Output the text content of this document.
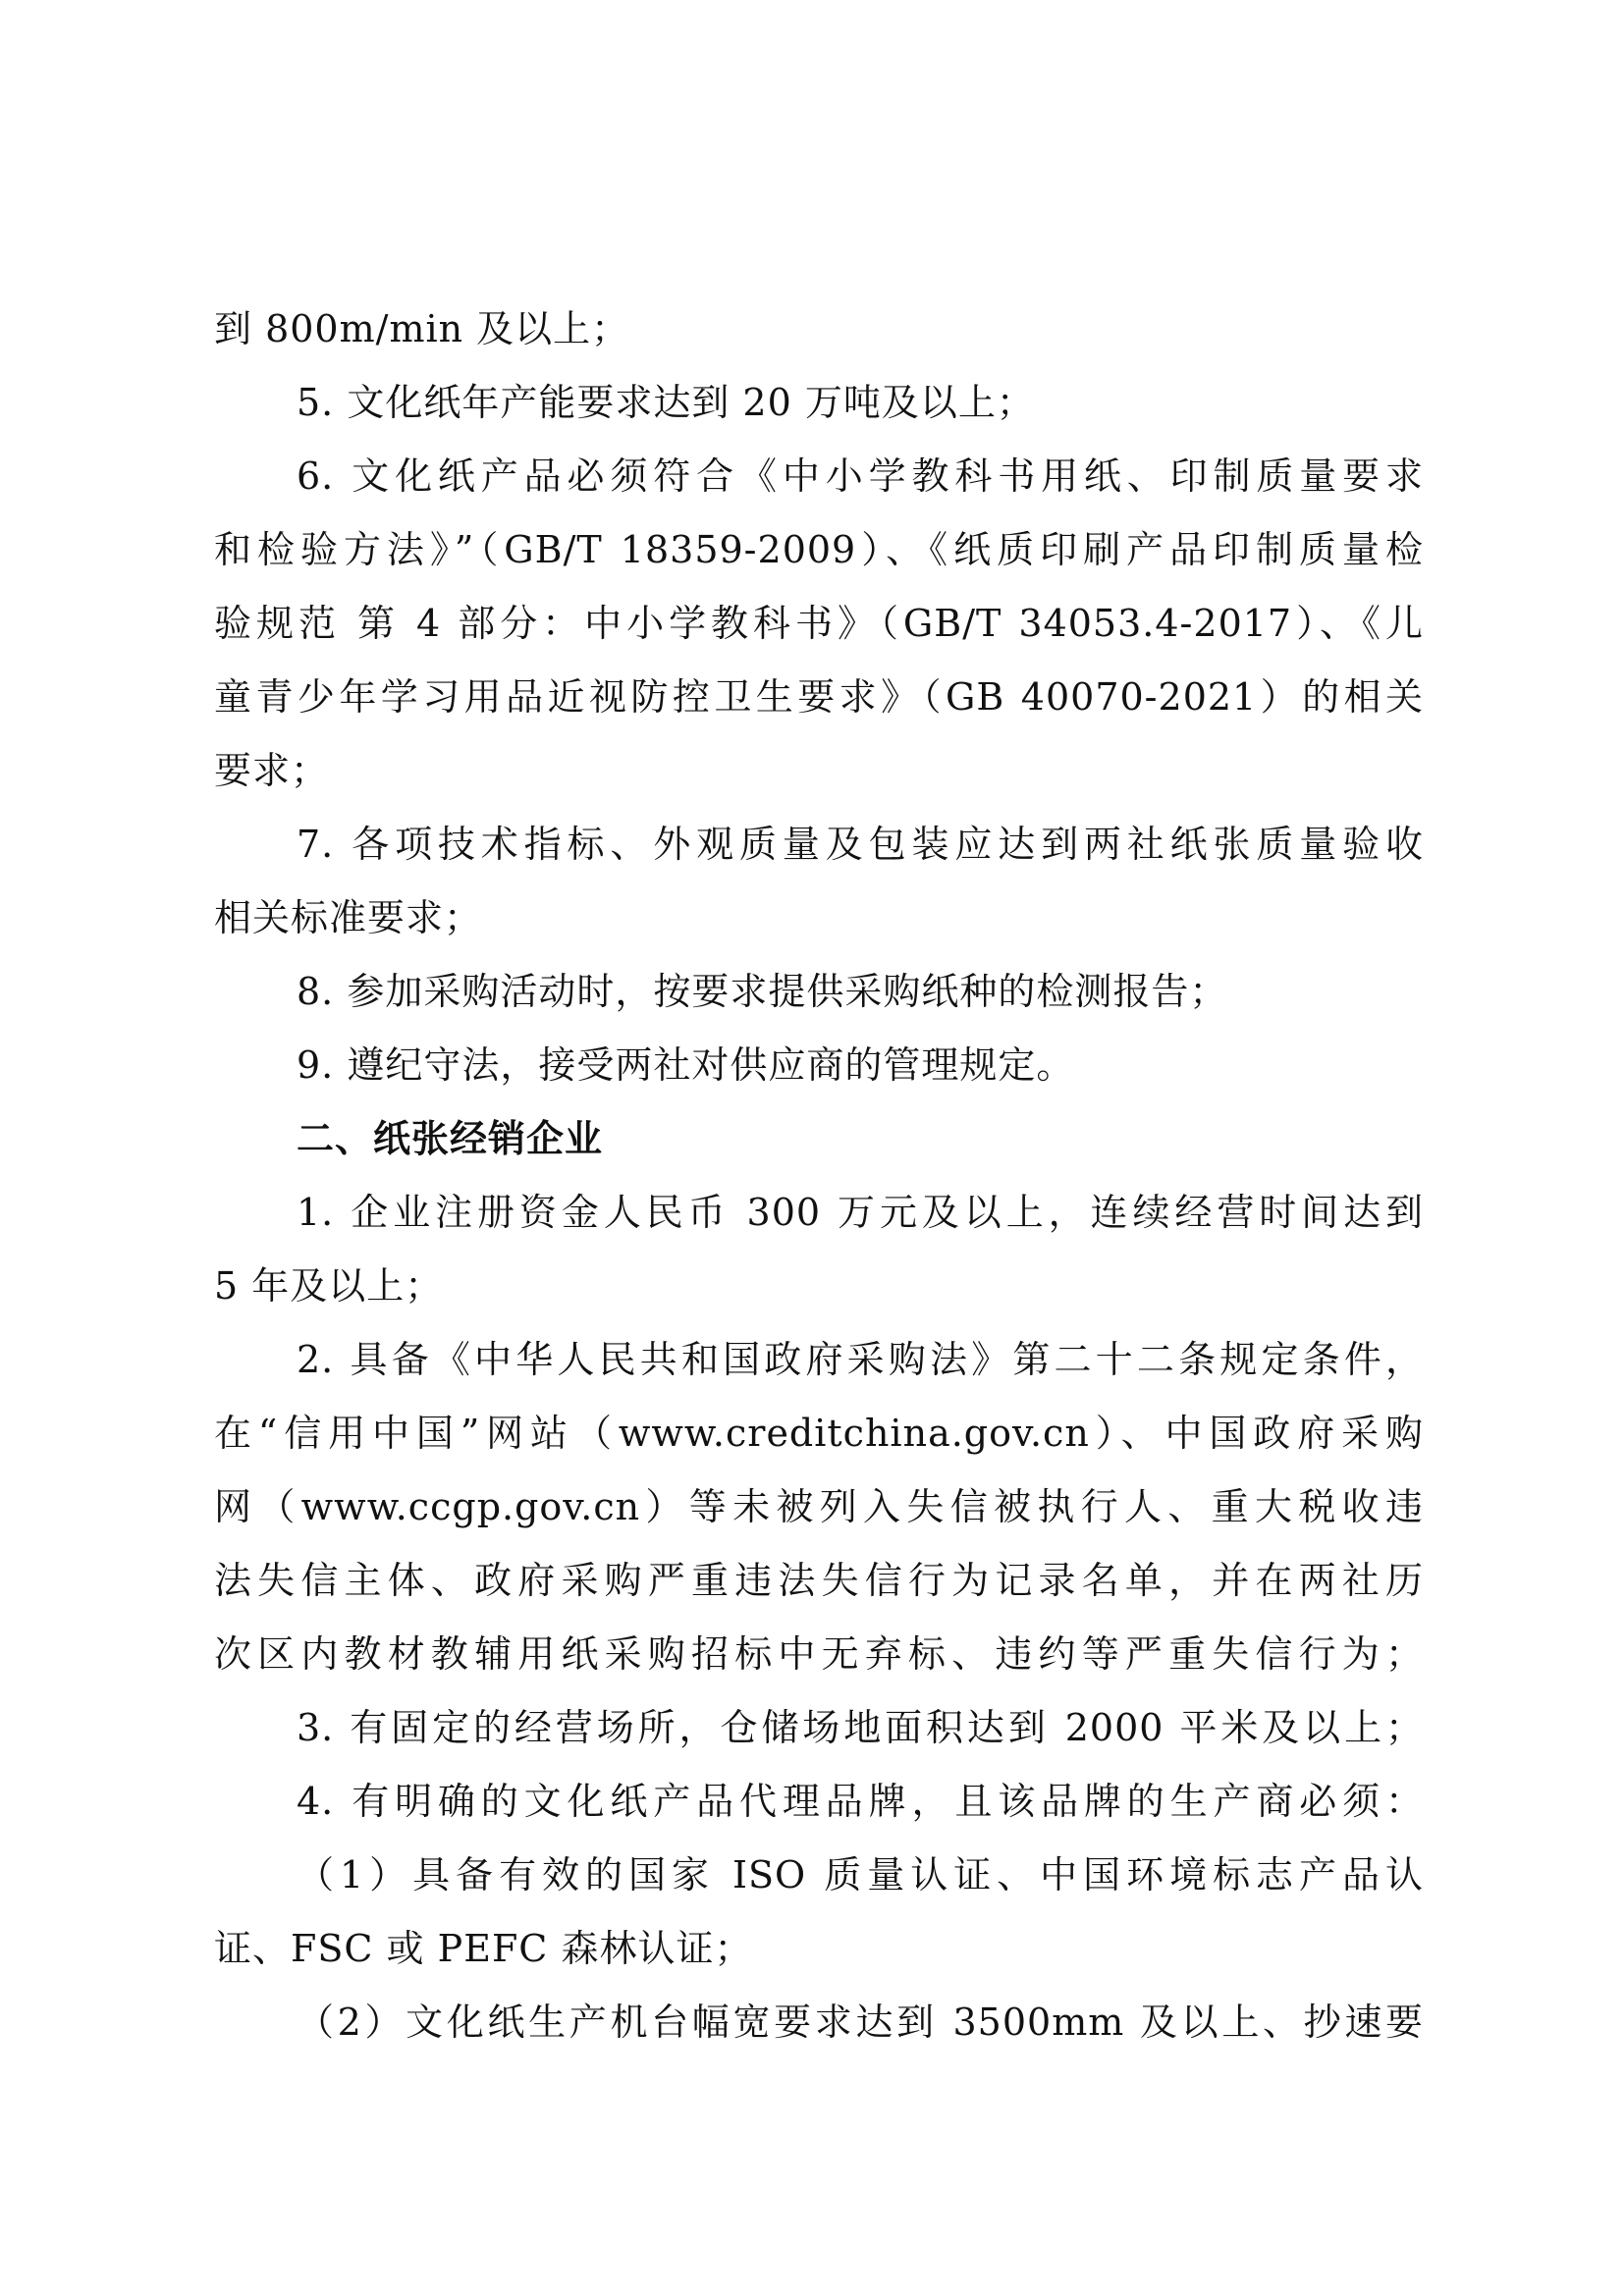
到 800m/min 及以上；
5. 文化纸年产能要求达到 20 万吨及以上；
6. 文化纸产品必须符合《中小学教科书用纸、印制质量要求
和检验方法》”（GB/T 18359-2009）、《纸质印刷产品印制质量检
验规范 第 4 部分：中小学教科书》（GB/T 34053.4-2017）、《儿
童青少年学习用品近视防控卫生要求》（GB 40070-2021）的相关
要求；
7. 各项技术指标、外观质量及包装应达到两社纸张质量验收
相关标准要求；
8. 参加采购活动时，按要求提供采购纸种的检测报告；
9. 遵纪守法，接受两社对供应商的管理规定。
二、纸张经销企业
1. 企业注册资金人民币 300 万元及以上，连续经营时间达到
5 年及以上；
2. 具备《中华人民共和国政府采购法》第二十二条规定条件，
在“信用中国”网站（www.creditchina.gov.cn）、中国政府采购
网（www.ccgp.gov.cn）等未被列入失信被执行人、重大税收违
法失信主体、政府采购严重违法失信行为记录名单，并在两社历
次区内教材教辅用纸采购招标中无弃标、违约等严重失信行为；
3. 有固定的经营场所，仓储场地面积达到 2000 平米及以上；
4. 有明确的文化纸产品代理品牌，且该品牌的生产商必须：
（1）具备有效的国家 ISO 质量认证、中国环境标志产品认
证、FSC 或 PEFC 森林认证；
（2）文化纸生产机台幅宽要求达到 3500mm 及以上、抄速要
